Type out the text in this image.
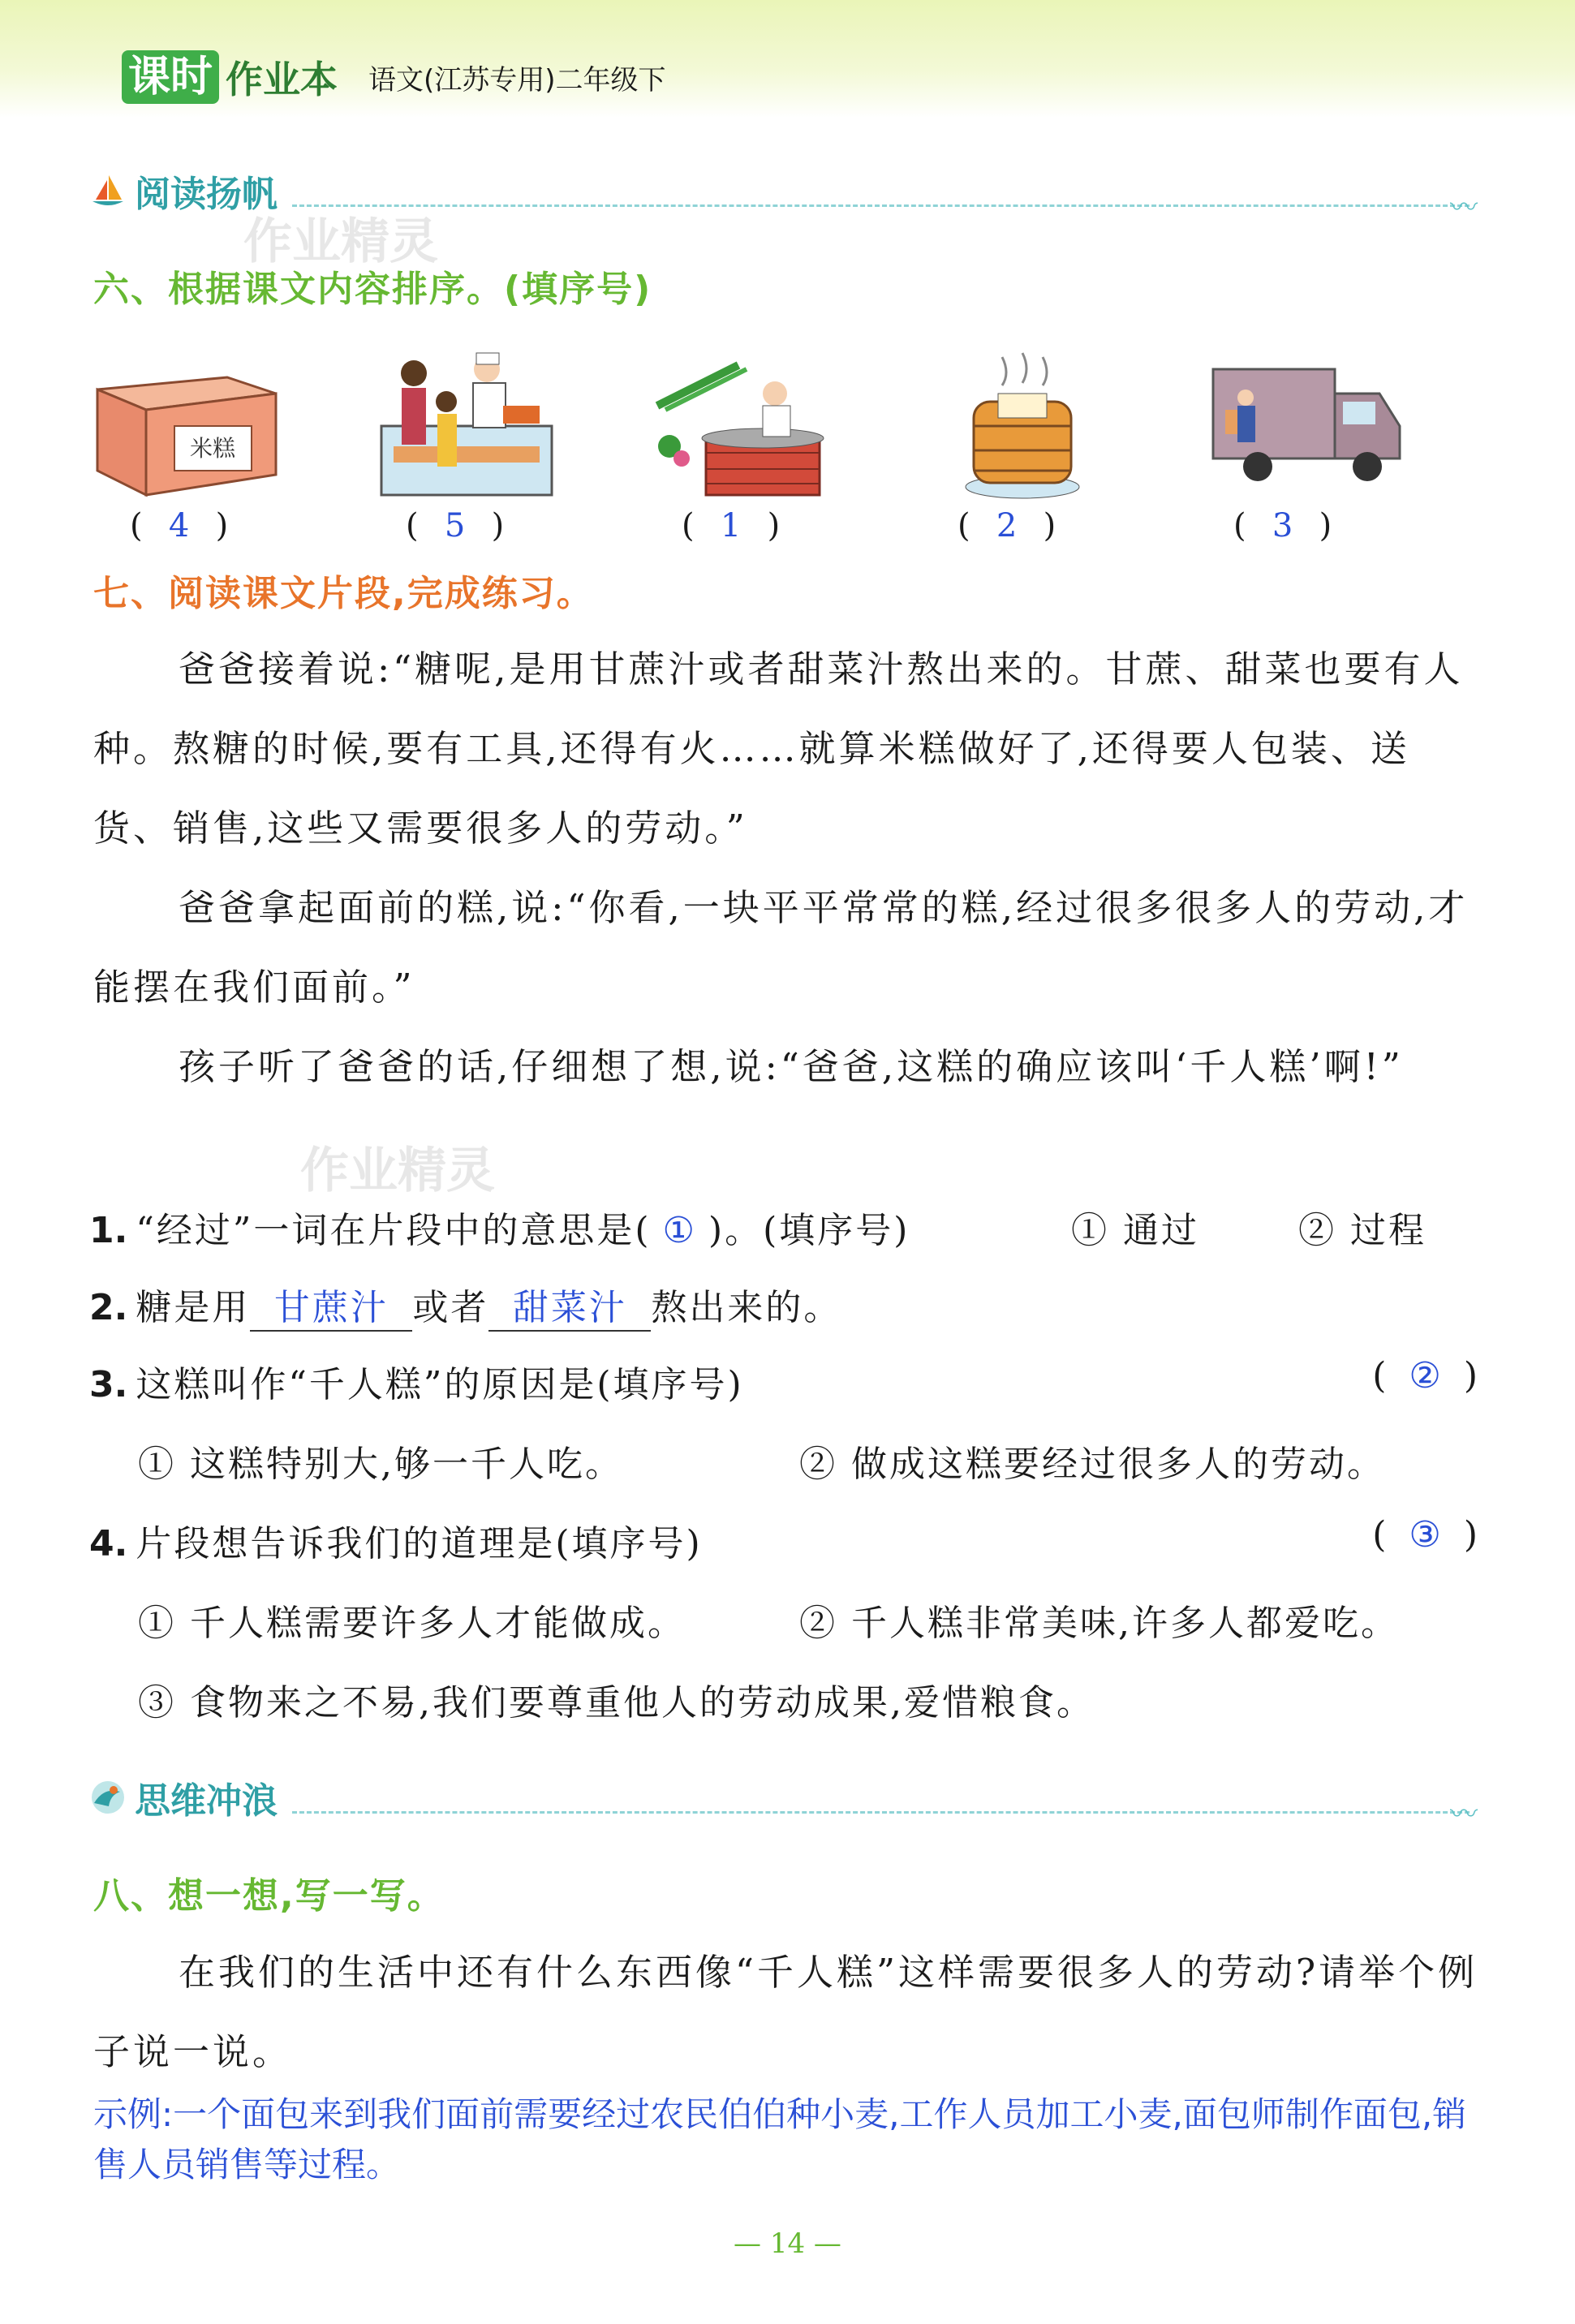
课时 作业本 语文(江苏专用)二年级下
阅读扬帆	〰
作业精灵
六、根据课文内容排序。(填序号)
米糕
( 4 )	( 5 )	( 1 )	( 2 )	( 3 )
七、阅读课文片段,完成练习。

爸爸接着说:“糖呢,是用甘蔗汁或者甜菜汁熬出来的。甘蔗、甜菜也要有人种。熬糖的时候,要有工具,还得有火……就算米糕做好了,还得要人包装、送货、销售,这些又需要很多人的劳动。”

爸爸拿起面前的糕,说:“你看,一块平平常常的糕,经过很多很多人的劳动,才能摆在我们面前。”

孩子听了爸爸的话,仔细想了想,说:“爸爸,这糕的确应该叫‘千人糕’啊!”

作业精灵
1. “经过”一词在片段中的意思是( ① )。(填序号)	① 通过	② 过程
2. 糖是用 甘蔗汁 或者 甜菜汁 熬出来的。
3. 这糕叫作“千人糕”的原因是(填序号)	(  ②  )
① 这糕特别大,够一千人吃。	② 做成这糕要经过很多人的劳动。
4. 片段想告诉我们的道理是(填序号)	(  ③  )
① 千人糕需要许多人才能做成。	② 千人糕非常美味,许多人都爱吃。
③ 食物来之不易,我们要尊重他人的劳动成果,爱惜粮食。
思维冲浪	〰
八、想一想,写一写。

在我们的生活中还有什么东西像“千人糕”这样需要很多人的劳动?请举个例子说一说。

示例:一个面包来到我们面前需要经过农民伯伯种小麦,工作人员加工小麦,面包师制作面包,销售人员销售等过程。
— 14 —
